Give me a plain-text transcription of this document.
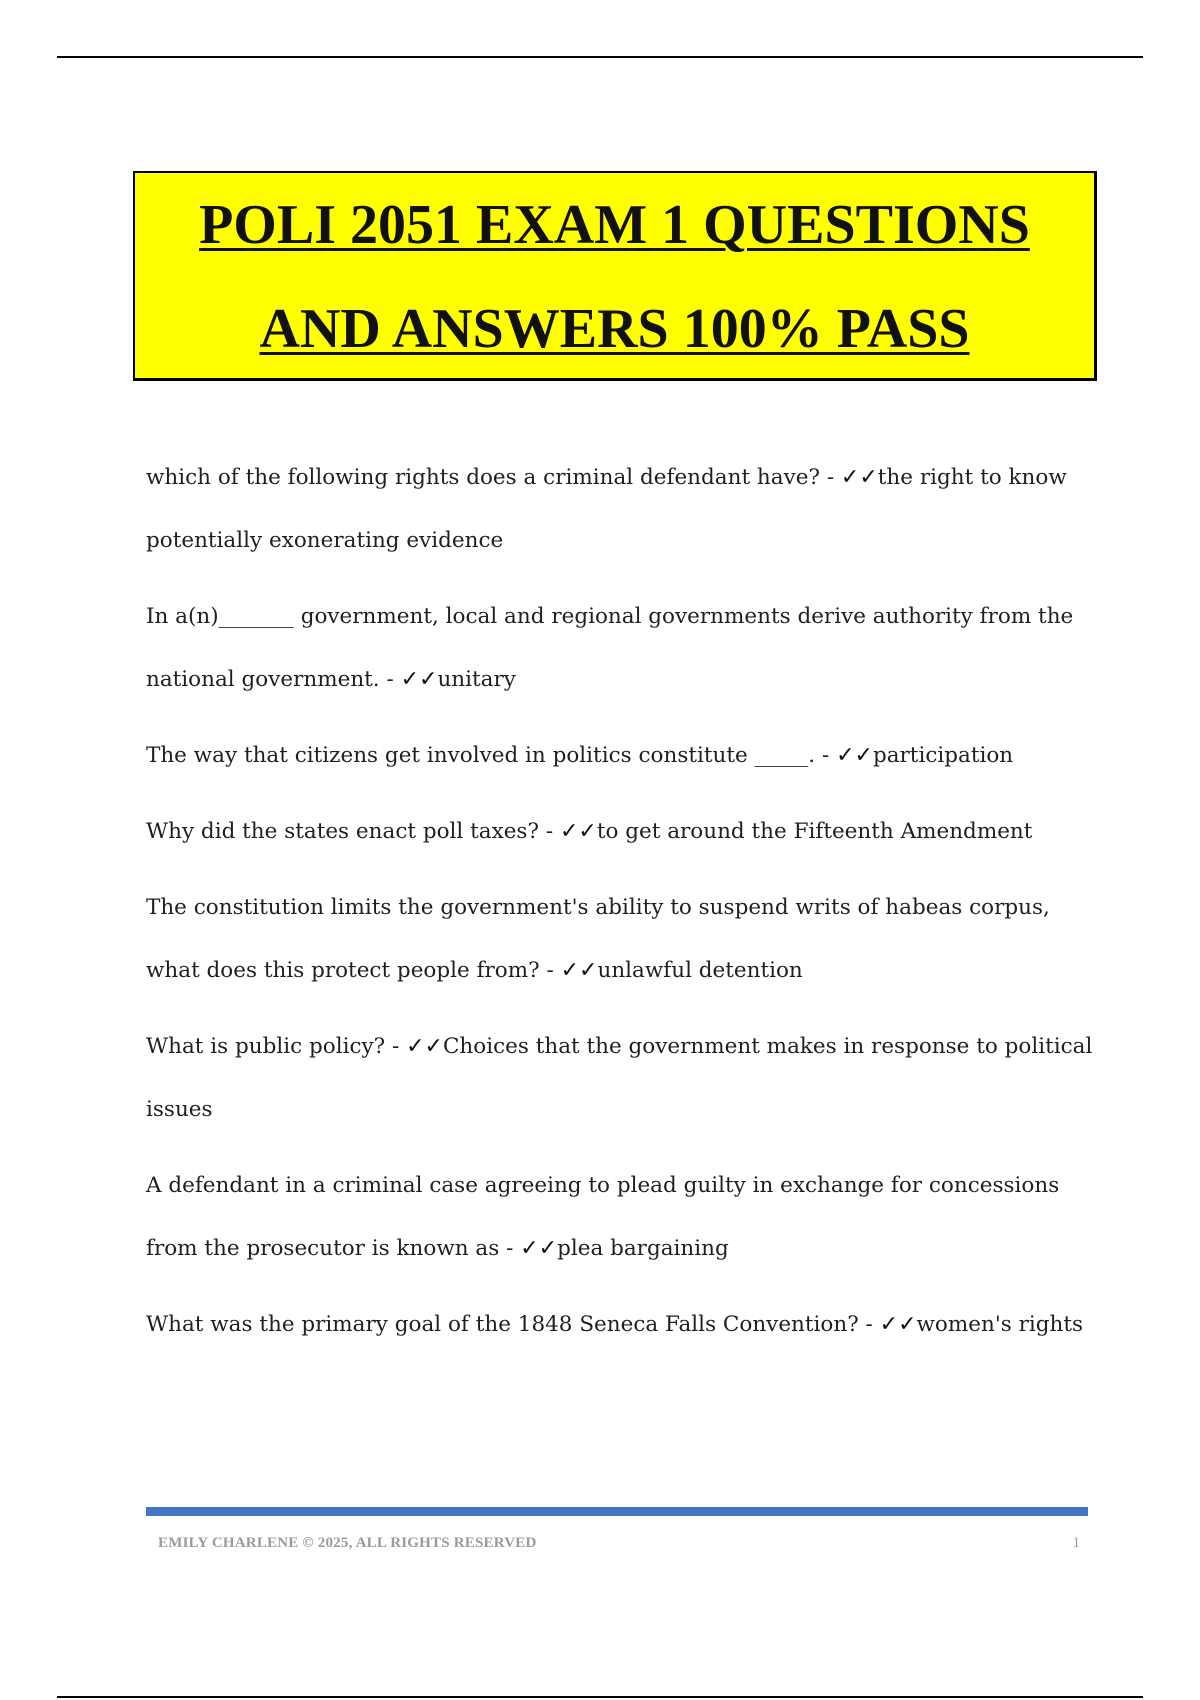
POLI 2051 EXAM 1 QUESTIONS
AND ANSWERS 100% PASS

which of the following rights does a criminal defendant have? - ✓✓the right to know potentially exonerating evidence

In a(n)_______ government, local and regional governments derive authority from the national government. - ✓✓unitary

The way that citizens get involved in politics constitute _____. - ✓✓participation

Why did the states enact poll taxes? - ✓✓to get around the Fifteenth Amendment

The constitution limits the government's ability to suspend writs of habeas corpus, what does this protect people from? - ✓✓unlawful detention

What is public policy? - ✓✓Choices that the government makes in response to political issues

A defendant in a criminal case agreeing to plead guilty in exchange for concessions from the prosecutor is known as - ✓✓plea bargaining

What was the primary goal of the 1848 Seneca Falls Convention? - ✓✓women's rights

EMILY CHARLENE © 2025, ALL RIGHTS RESERVED	1
